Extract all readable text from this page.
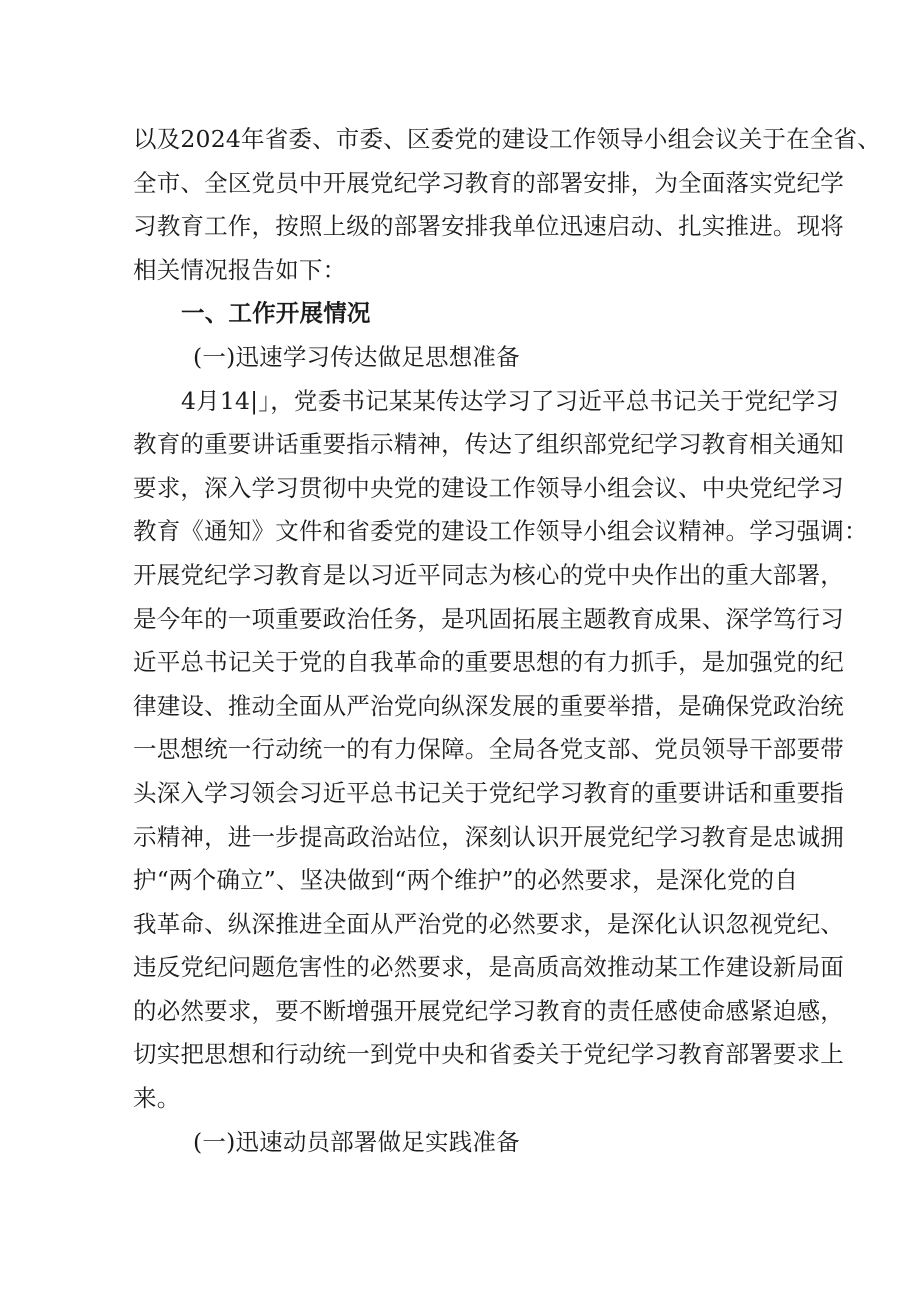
以及2024年省委、市委、区委党的建设工作领导小组会议关于在全省、
全市、全区党员中开展党纪学习教育的部署安排，为全面落实党纪学
习教育工作，按照上级的部署安排我单位迅速启动、扎实推进。现将
相关情况报告如下：
一、工作开展情况
(一)迅速学习传达做足思想准备
4月14|」，党委书记某某传达学习了习近平总书记关于党纪学习
教育的重要讲话重要指示精神，传达了组织部党纪学习教育相关通知
要求，深入学习贯彻中央党的建设工作领导小组会议、中央党纪学习
教育《通知》文件和省委党的建设工作领导小组会议精神。学习强调：
开展党纪学习教育是以习近平同志为核心的党中央作出的重大部署，
是今年的一项重要政治任务，是巩固拓展主题教育成果、深学笃行习
近平总书记关于党的自我革命的重要思想的有力抓手，是加强党的纪
律建设、推动全面从严治党向纵深发展的重要举措，是确保党政治统
一思想统一行动统一的有力保障。全局各党支部、党员领导干部要带
头深入学习领会习近平总书记关于党纪学习教育的重要讲话和重要指
示精神，进一步提高政治站位，深刻认识开展党纪学习教育是忠诚拥
护“两个确立”、坚决做到“两个维护”的必然要求，是深化党的自
我革命、纵深推进全面从严治党的必然要求，是深化认识忽视党纪、
违反党纪问题危害性的必然要求，是高质高效推动某工作建设新局面
的必然要求，要不断增强开展党纪学习教育的责任感使命感紧迫感，
切实把思想和行动统一到党中央和省委关于党纪学习教育部署要求上
来。
(一)迅速动员部署做足实践准备
